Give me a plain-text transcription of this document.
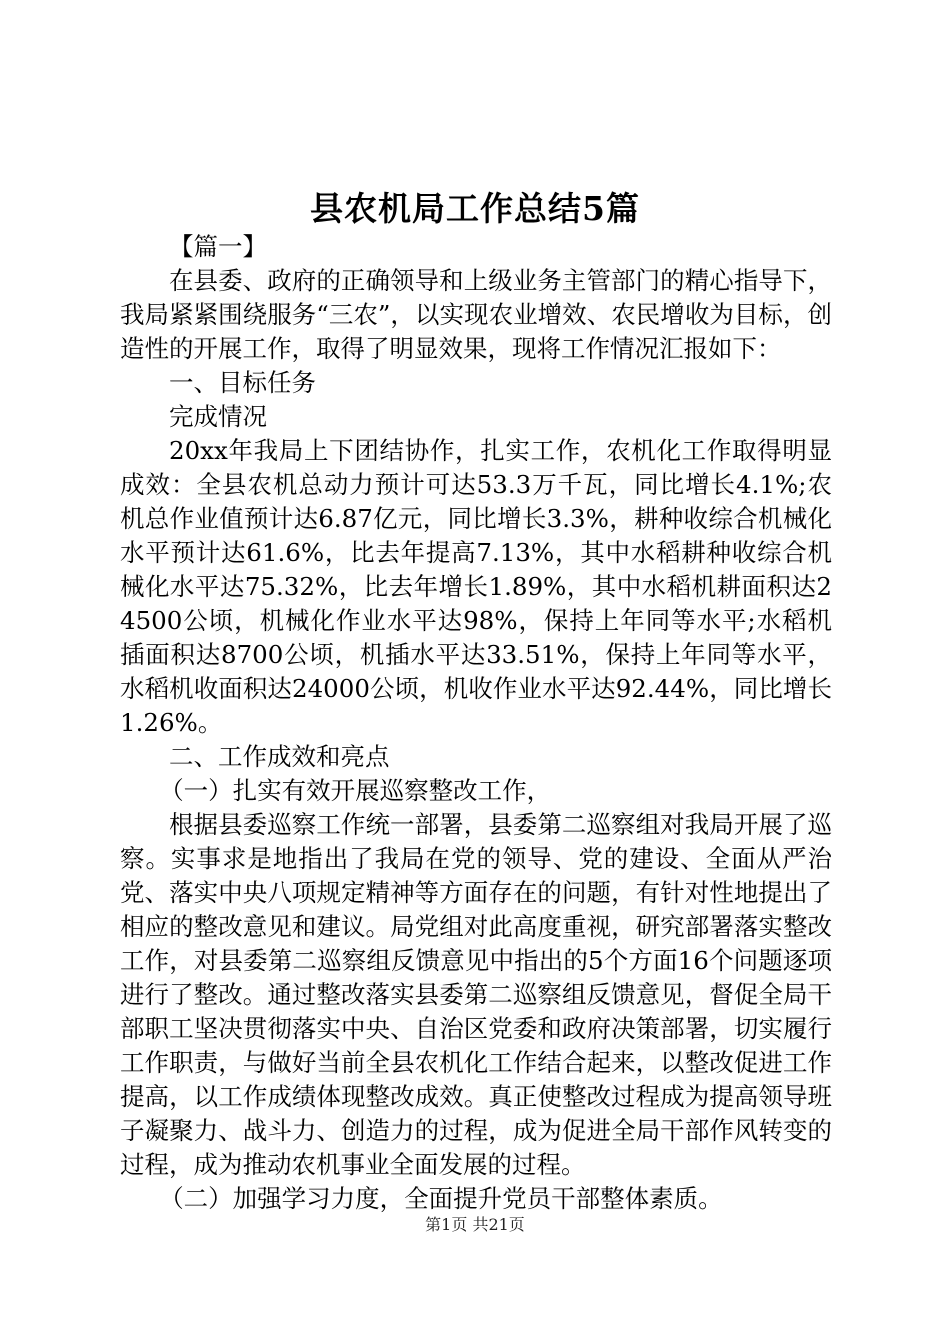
县农机局工作总结5篇

【篇一】

在县委、政府的正确领导和上级业务主管部门的精心指导下，我局紧紧围绕服务“三农”，以实现农业增效、农民增收为目标，创造性的开展工作，取得了明显效果，现将工作情况汇报如下：

一、目标任务

完成情况

20xx年我局上下团结协作，扎实工作，农机化工作取得明显成效：全县农机总动力预计可达53.3万千瓦，同比增长4.1%;农机总作业值预计达6.87亿元，同比增长3.3%，耕种收综合机械化水平预计达61.6%，比去年提高7.13%，其中水稻耕种收综合机械化水平达75.32%，比去年增长1.89%，其中水稻机耕面积达24500公顷，机械化作业水平达98%，保持上年同等水平;水稻机插面积达8700公顷，机插水平达33.51%，保持上年同等水平，水稻机收面积达24000公顷，机收作业水平达92.44%，同比增长1.26%。

二、工作成效和亮点

（一）扎实有效开展巡察整改工作，

根据县委巡察工作统一部署，县委第二巡察组对我局开展了巡察。实事求是地指出了我局在党的领导、党的建设、全面从严治党、落实中央八项规定精神等方面存在的问题，有针对性地提出了相应的整改意见和建议。局党组对此高度重视，研究部署落实整改工作，对县委第二巡察组反馈意见中指出的5个方面16个问题逐项进行了整改。通过整改落实县委第二巡察组反馈意见，督促全局干部职工坚决贯彻落实中央、自治区党委和政府决策部署，切实履行工作职责，与做好当前全县农机化工作结合起来，以整改促进工作提高，以工作成绩体现整改成效。真正使整改过程成为提高领导班子凝聚力、战斗力、创造力的过程，成为促进全局干部作风转变的过程，成为推动农机事业全面发展的过程。

（二）加强学习力度，全面提升党员干部整体素质。

第1页 共21页
